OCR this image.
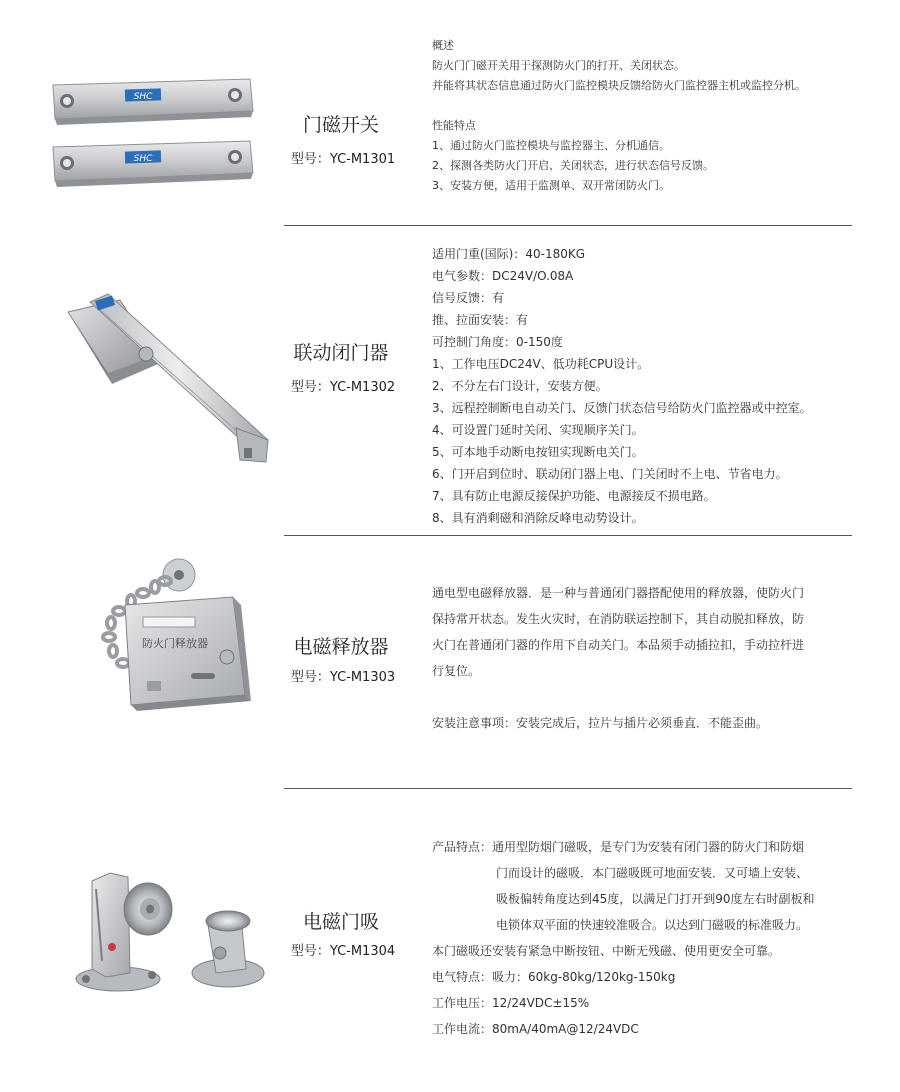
SHC
SHC
门磁开关
型号：YC-M1301
概述
防火门门磁开关用于探测防火门的打开、关闭状态。
并能将其状态信息通过防火门监控模块反馈给防火门监控器主机或监控分机。
性能特点
1、通过防火门监控模块与监控器主、分机通信。
2、探测各类防火门开启、关闭状态，进行状态信号反馈。
3、安装方便，适用于监测单、双开常闭防火门。
联动闭门器
型号：YC-M1302
适用门重(国际)：40-180KG
电气参数：DC24V/O.08A
信号反馈：有
推、拉面安装：有
可控制门角度：0-150度
1、工作电压DC24V、低功耗CPU设计。
2、不分左右门设计，安装方便。
3、远程控制断电自动关门、反馈门状态信号给防火门监控器或中控室。
4、可设置门延时关闭、实现顺序关门。
5、可本地手动断电按钮实现断电关门。
6、门开启到位时、联动闭门器上电、门关闭时不上电、节省电力。
7、具有防止电源反接保护功能、电源接反不损电路。
8、具有消剩磁和消除反峰电动势设计。
防火门释放器	电磁释放器
型号：YC-M1303
通电型电磁释放器．是一种与普通闭门器搭配使用的释放器，使防火门
保持常开状态。发生火灾时，在消防联运控制下，其自动脱扣释放，防
火门在普通闭门器的作用下自动关门。本品须手动插拉扣，手动拉杆进
行复位。
安装注意事项：安装完成后，拉片与插片必须垂直．不能歪曲。
电磁门吸
型号：YC-M1304
产品特点：通用型防烟门磁吸，是专门为安装有闭门器的防火门和防烟
门而设计的磁吸．本门磁吸既可地面安装．又可墙上安装、
吸板偏转角度达到45度，以满足门打开到90度左右时副板和
电锁体双平面的快速较准吸合。以达到门磁吸的标准吸力。
本门磁吸还安装有紧急中断按钮、中断无残磁、使用更安全可靠。
电气特点：吸力：60kg-80kg/120kg-150kg
工作电压：12/24VDC±15%
工作电流：80mA/40mA@12/24VDC
